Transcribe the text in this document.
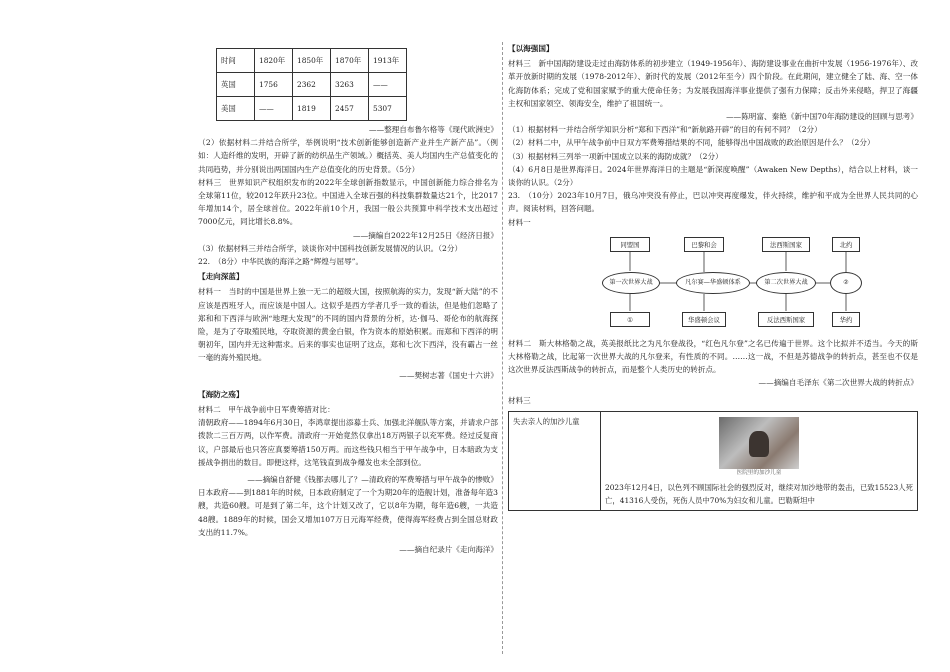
时间	1820年	1850年	1870年	1913年
英国	1756	2362	3263	——
美国	——	1819	2457	5307

——整理自布鲁尔格等《现代欧洲史》

（2）依据材料二并结合所学，举例说明“技术创新能够创造新产业并生产新产品”。（例如：人造纤维的发明，开辟了新的纺织品生产领域。）概括英、美人均国内生产总值变化的共同趋势，并分别说出两国国内生产总值变化的历史背景。（5分）

材料三　世界知识产权组织发布的2022年全球创新指数显示，中国创新能力综合排名为全球第11位，较2012年跃升23位。中国进入全球百强的科技集群数量达21个，比2017年增加14个，居全球首位。2022年前10个月，我国一般公共预算中科学技术支出超过7000亿元，同比增长8.8%。

——摘编自2022年12月25日《经济日报》

（3）依据材料三并结合所学，谈谈你对中国科技创新发展情况的认识。（2分）

22.　（8分）中华民族的海洋之路“辉煌与屈辱”。

【走向深蓝】

材料一　当时的中国是世界上独一无二的超级大国，按照航海的实力，发现“新大陆”的不应该是西班牙人，而应该是中国人。这似乎是西方学者几乎一致的看法，但是他们忽略了郑和和下西洋与欧洲“地理大发现”的不同的国内背景的分析，达·伽马、哥伦布的航海探险，是为了夺取殖民地，夺取资源的黄金白银，作为资本的原始积累。而郑和下西洋的明朝初年，国内并无这种需求。后来的事实也证明了这点，郑和七次下西洋，没有霸占一丝一毫的海外殖民地。

——樊树志著《国史十六讲》

【海防之殇】

材料二　甲午战争前中日军费筹措对比：

清朝政府——1894年6月30日，李鸿章提出添募士兵、加强北洋舰队等方案，并请求户部拨款二三百万两，以作军费。清政府一开始竟然仅拿出18万两银子以充军费。经过反复商议，户部最后也只答应真要筹措150万两。而这些钱只相当于甲午战争中，日本暗政为支援战争捐出的数目。即便这样，这笔钱直到战争爆发也未全部到位。

——摘编自舒健《钱都去哪儿了？—清政府的军费筹措与甲午战争的惨败》

日本政府——到1881年的时候，日本政府制定了一个为期20年的造舰计划，准备每年造3艘，共造60艘。可是到了第二年，这个计划又改了，它以8年为期，每年造6艘，一共造48艘。1889年的时候，国会又增加107万日元海军经费，使得海军经费占到全国总财政支出的11.7%。

——摘自纪录片《走向海洋》

【以海强国】

材料三　新中国海防建设走过由海防体系的初步建立（1949-1956年）、海防建设事业在曲折中发展（1956-1976年）、改革开放新时期的发展（1978-2012年）、新时代的发展（2012年至今）四个阶段。在此期间，建立健全了陆、海、空一体化海防体系；完成了党和国家赋予的重大使命任务；为发展我国海洋事业提供了强有力保障；反击外来侵略，捍卫了海疆主权和国家领空、领海安全，维护了祖国统一。

——陈明富、秦艳《新中国70年海防建设的回顾与思考》

（1）根据材料一并结合所学知识分析“郑和下西洋”和“新航路开辟”的目的有何不同？（2分）

（2）材料二中，从甲午战争前中日双方军费筹措结果的不同，能够得出中国战败的政治原因是什么？（2分）

（3）根据材料三列举一项新中国成立以来的海防成就？（2分）

（4）6月8日是世界海洋日。2024年世界海洋日的主题是“新深度唤醒”（Awaken New Depths），结合以上材料，谈一谈你的认识。（2分）

23.　（10分）2023年10月7日，俄乌冲突没有停止，巴以冲突再度爆发，伴火持续，维护和平成为全世界人民共同的心声。阅读材料，回答问题。

材料一

同盟国	巴黎和会	法西斯国家	北约
第一次世界大战	凡尔赛—华盛顿体系	第二次世界大战	②
①	华盛顿会议	反法西斯国家	华约

材料二　斯大林格勒之战，英美报纸比之为凡尔登战役，“红色凡尔登”之名已传遍于世界。这个比拟并不适当。今天的斯大林格勒之战，比起第一次世界大战的凡尔登来，有性质的不同。……这一战，不但是苏德战争的转折点，甚至也不仅是这次世界反法西斯战争的转折点，而是整个人类历史的转折点。

——摘编自毛泽东《第二次世界大战的转折点》

材料三

失去亲人的加沙儿童	
医院里的加沙儿童

2023年12月4日，以色列不顾国际社会的强烈反对，继续对加沙地带的轰击，已致15523人死亡，41316人受伤，死伤人员中70%为妇女和儿童。巴勒斯坦中
